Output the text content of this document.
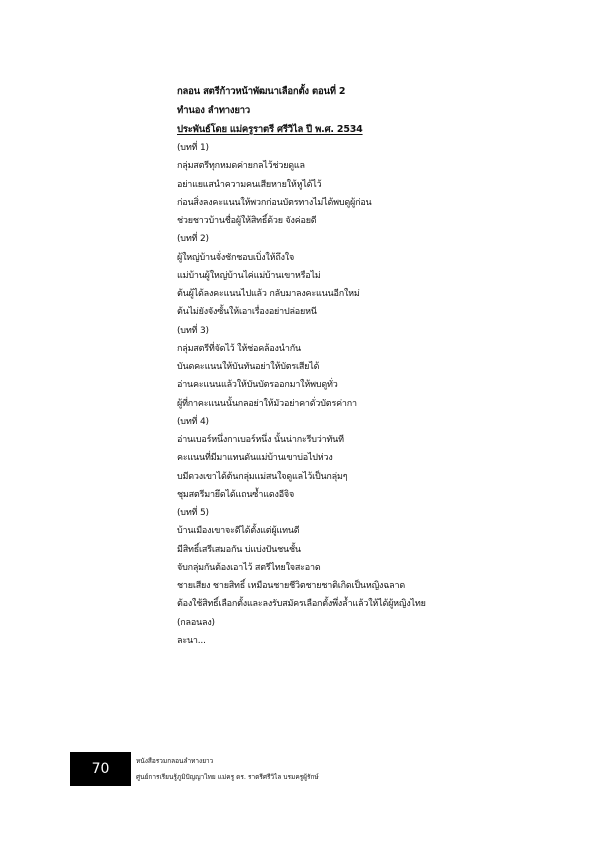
กลอน สตรีก้าวหน้าพัฒนาเลือกตั้ง ตอนที่ 2
ทำนอง ลำทางยาว
ประพันธ์โดย แม่ครูราตรี ศรีวิไล ปี พ.ศ. 2534
(บทที่ 1)
กลุ่มสตรีทุกหมดค่ายกลไว้ช่วยดูแล
อย่าแยแสนำความคนเสียหายให้หูได้ไว้
ก่อนสิ่งลงคะแนนให้พวกก่อนบัตรทางไม่ได้พบดูผู้ก่อน
ช่วยชาวบ้านชื่อผู้ให้สิทธิ์ด้วย จังค่อยดี
(บทที่ 2)
ผู้ใหญ่บ้านจั่งชักชอบเบิ่งให้ถึงใจ
แม่บ้านผู้ใหญ่บ้านไค่แม่บ้านเขาหรือไม่
ต้นผู้ได้ลงคะแนนไปแล้ว กลับมาลงคะแนนอีกใหม่
ต้นไม่ยังจังซั้นให้เอาเรื่องอย่าปล่อยหนี
(บทที่ 3)
กลุ่มสตรีที่จัดไว้ ให้ช่อคล้องนำกัน
บันดคะแนนให้บันทันอย่าให้บัตรเสียได้
อ่านคะแนนแล้วให้บันบัตรออกมาให้พบดูทั่ว
ผู้ที่กาคะแนนนั้นกลอย่าให้มัวอย่าคาดั่วบัตรค่ากา
(บทที่ 4)
อ่านเบอร์หนึ่งกาเบอร์หนึ่ง นั้นน่ากะรีบว่าทันที
คะแนนที่มีมาแทนดันแม่บ้านเขาบ่อไปห่วง
บมีดวงเขาได้ต้นกลุ่มแม่สนใจดูแลไว้เป็นกลุ่มๆ
ชุมสตรีมายึดได้แถนซ้ำแดงอีจิจ
(บทที่ 5)
บ้านเมืองเขาจะดีได้ตั้งแต่ผู้แทนดี
มีสิทธิ์เสรีเสมอกัน บ่แบ่งปันชนชั้น
จับกลุ่มกันต้องเอาไว้ สตรีไทยใจสะอาด
ชายเสียง ชายสิทธิ์ เหมือนชายชีวิตชายชาติเกิดเป็นหญิงฉลาด
ต้องใช้สิทธิ์เลือกตั้งและลงรับสมัครเลือกตั้งพึ่งล้ำแล้วให้ได้ผู้หญิงไทย
(กลอนลง)
ละนา...
70	หนังสือรวมกลอนลำทางยาว
ศูนย์การเรียนรู้ภูมิปัญญาไทย แม่ครู ดร. ราตรีศรีวิไล บรมครูผู้รักษ์
